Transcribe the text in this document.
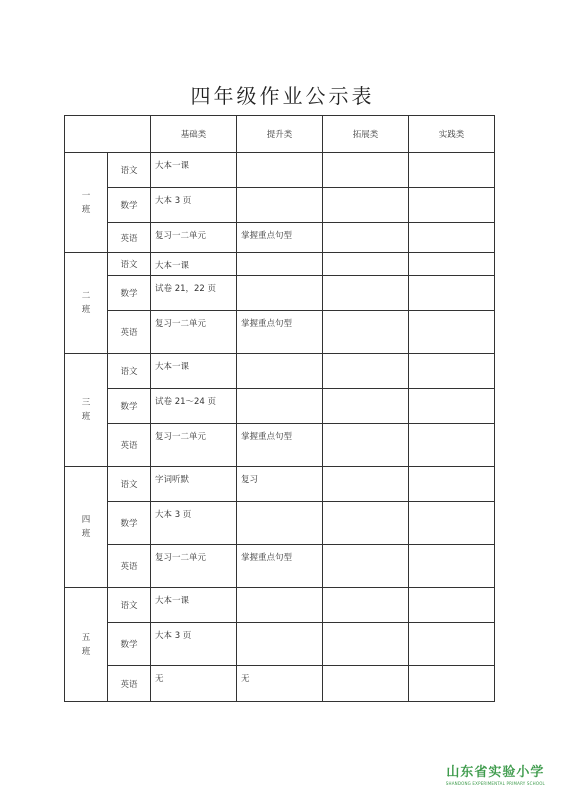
四年级作业公示表
		基础类	提升类	拓展类	实践类

一
班	语文	大本一课			
	数学	大本 3 页			
	英语	复习一二单元	掌握重点句型		

二
班	语文	大本一课			
	数学	试卷 21，22 页			
	英语	复习一二单元	掌握重点句型		

三
班	语文	大本一课			
	数学	试卷 21～24 页			
	英语	复习一二单元	掌握重点句型		

四
班	语文	字词听默	复习		
	数学	大本 3 页			
	英语	复习一二单元	掌握重点句型		

五
班	语文	大本一课			
	数学	大本 3 页			
	英语	无	无		
山东省实验小学
SHANDONG EXPERIMENTAL PRIMARY SCHOOL
